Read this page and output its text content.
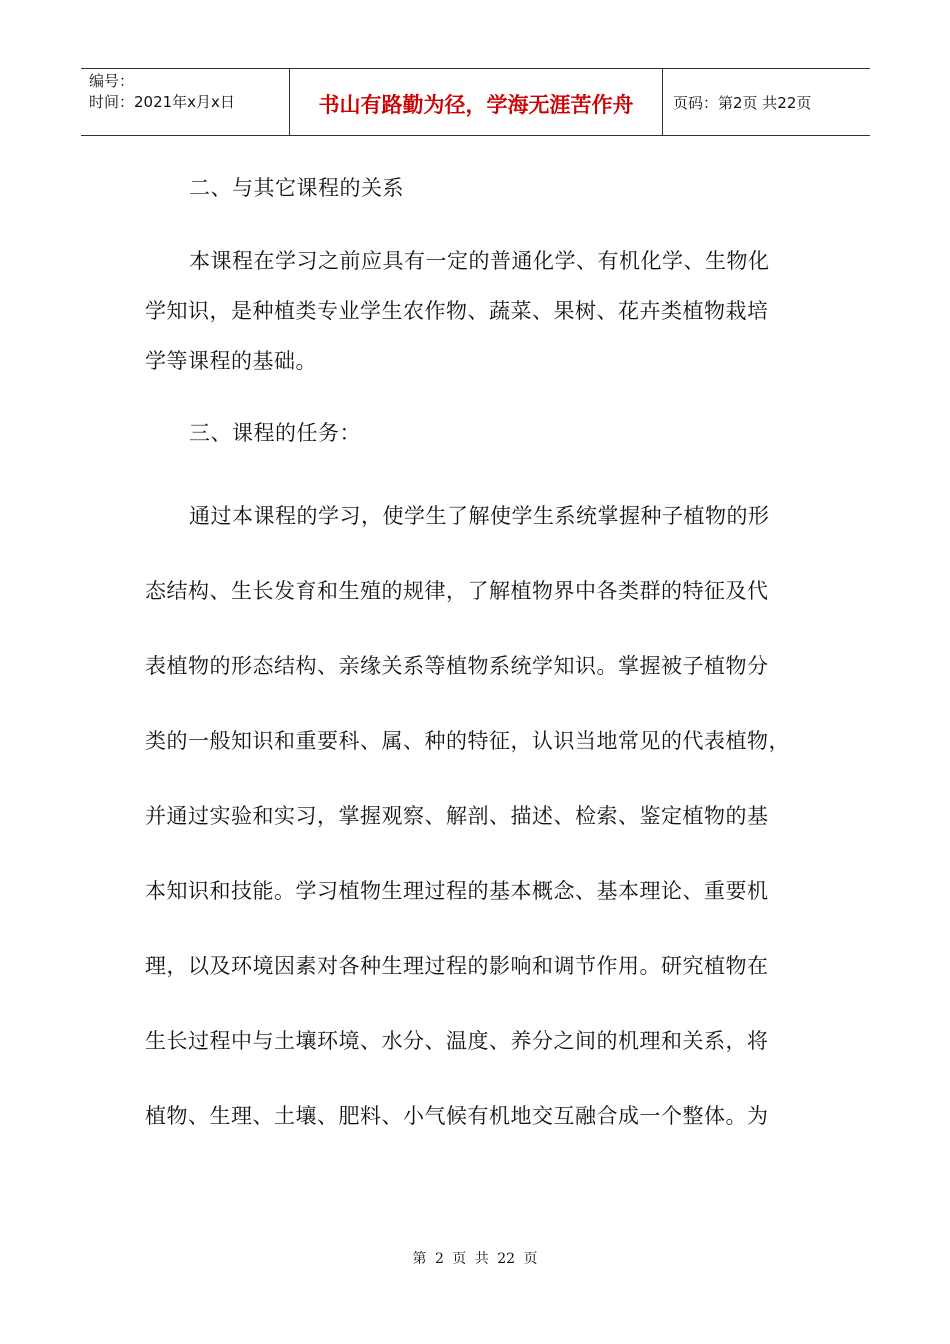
编号：
时间：2021年x月x日	书山有路勤为径，学海无涯苦作舟	页码：第2页 共22页
二、与其它课程的关系
本课程在学习之前应具有一定的普通化学、有机化学、生物化
学知识，是种植类专业学生农作物、蔬菜、果树、花卉类植物栽培
学等课程的基础。
三、课程的任务：
通过本课程的学习，使学生了解使学生系统掌握种子植物的形
态结构、生长发育和生殖的规律，了解植物界中各类群的特征及代
表植物的形态结构、亲缘关系等植物系统学知识。掌握被子植物分
类的一般知识和重要科、属、种的特征，认识当地常见的代表植物，
并通过实验和实习，掌握观察、解剖、描述、检索、鉴定植物的基
本知识和技能。学习植物生理过程的基本概念、基本理论、重要机
理，以及环境因素对各种生理过程的影响和调节作用。研究植物在
生长过程中与土壤环境、水分、温度、养分之间的机理和关系，将
植物、生理、土壤、肥料、小气候有机地交互融合成一个整体。为
第 2 页 共 22 页
